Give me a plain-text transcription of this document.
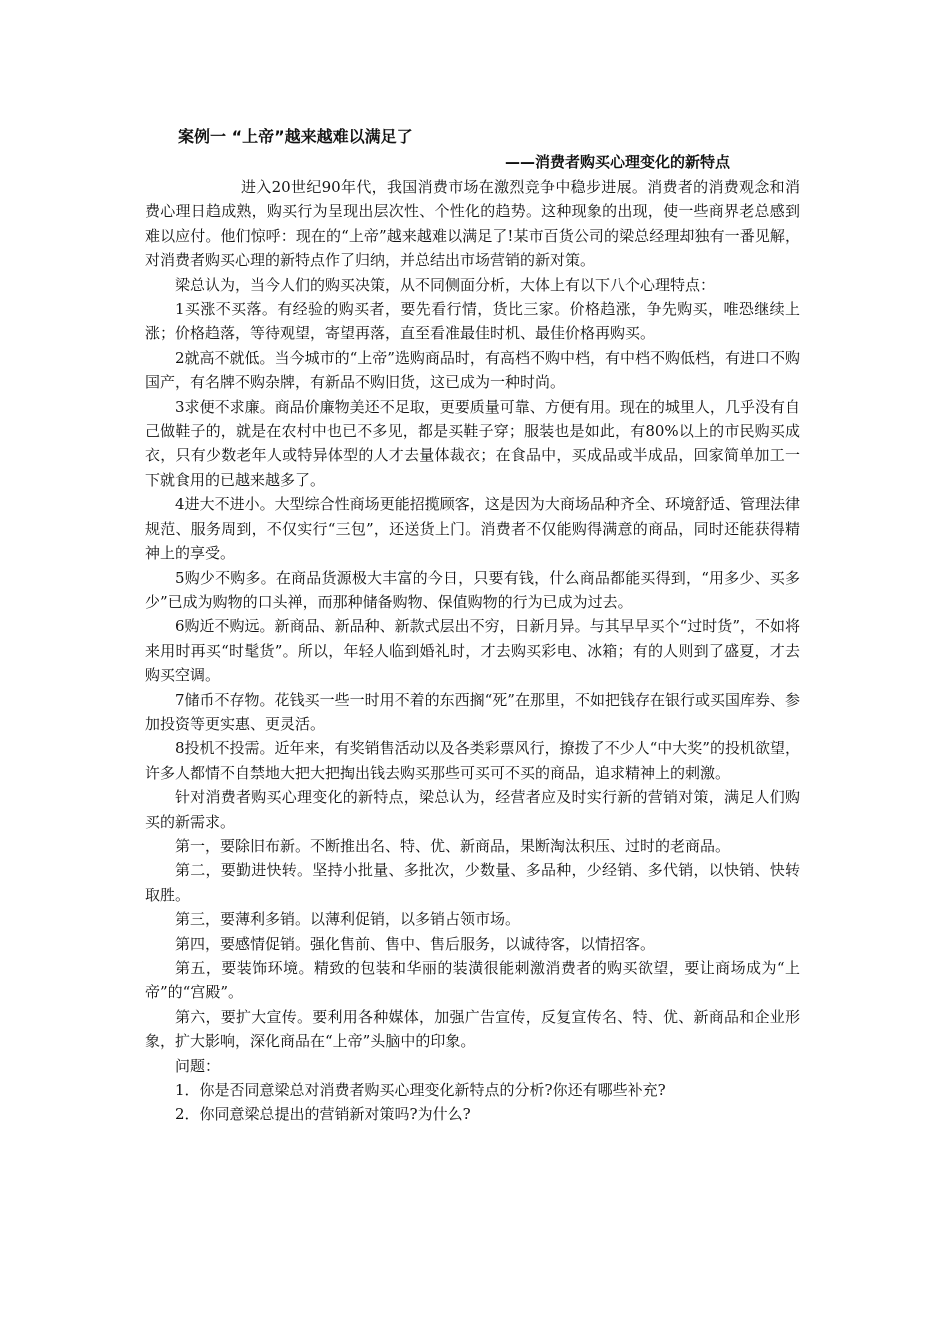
案例一 “上帝”越来越难以满足了
——消费者购买心理变化的新特点

进入20世纪90年代，我国消费市场在激烈竞争中稳步进展。消费者的消费观念和消费心理日趋成熟，购买行为呈现出层次性、个性化的趋势。这种现象的出现，使一些商界老总感到难以应付。他们惊呼：现在的“上帝”越来越难以满足了!某市百货公司的梁总经理却独有一番见解，对消费者购买心理的新特点作了归纳，并总结出市场营销的新对策。

梁总认为，当今人们的购买决策，从不同侧面分析，大体上有以下八个心理特点：

1买涨不买落。有经验的购买者，要先看行情，货比三家。价格趋涨，争先购买，唯恐继续上涨；价格趋落，等待观望，寄望再落，直至看准最佳时机、最佳价格再购买。

2就高不就低。当今城市的“上帝”选购商品时，有高档不购中档，有中档不购低档，有进口不购国产，有名牌不购杂牌，有新品不购旧货，这已成为一种时尚。

3求便不求廉。商品价廉物美还不足取，更要质量可靠、方便有用。现在的城里人，几乎没有自己做鞋子的，就是在农村中也已不多见，都是买鞋子穿；服装也是如此，有80%以上的市民购买成衣，只有少数老年人或特异体型的人才去量体裁衣；在食品中，买成品或半成品，回家简单加工一下就食用的已越来越多了。

4进大不进小。大型综合性商场更能招揽顾客，这是因为大商场品种齐全、环境舒适、管理法律规范、服务周到，不仅实行“三包”，还送货上门。消费者不仅能购得满意的商品，同时还能获得精神上的享受。

5购少不购多。在商品货源极大丰富的今日，只要有钱，什么商品都能买得到，“用多少、买多少”已成为购物的口头禅，而那种储备购物、保值购物的行为已成为过去。

6购近不购远。新商品、新品种、新款式层出不穷，日新月异。与其早早买个“过时货”，不如将来用时再买“时髦货”。所以，年轻人临到婚礼时，才去购买彩电、冰箱；有的人则到了盛夏，才去购买空调。

7储币不存物。花钱买一些一时用不着的东西搁“死”在那里，不如把钱存在银行或买国库券、参加投资等更实惠、更灵活。

8投机不投需。近年来，有奖销售活动以及各类彩票风行，撩拨了不少人“中大奖”的投机欲望，许多人都情不自禁地大把大把掏出钱去购买那些可买可不买的商品，追求精神上的刺激。

针对消费者购买心理变化的新特点，梁总认为，经营者应及时实行新的营销对策，满足人们购买的新需求。

第一，要除旧布新。不断推出名、特、优、新商品，果断淘汰积压、过时的老商品。

第二，要勤进快转。坚持小批量、多批次，少数量、多品种，少经销、多代销，以快销、快转取胜。

第三，要薄利多销。以薄利促销，以多销占领市场。

第四，要感情促销。强化售前、售中、售后服务，以诚待客，以情招客。

第五，要装饰环境。精致的包装和华丽的装潢很能刺激消费者的购买欲望，要让商场成为“上帝”的“宫殿”。

第六，要扩大宣传。要利用各种媒体，加强广告宣传，反复宣传名、特、优、新商品和企业形象，扩大影响，深化商品在“上帝”头脑中的印象。

问题：

1．你是否同意梁总对消费者购买心理变化新特点的分析?你还有哪些补充?

2．你同意梁总提出的营销新对策吗?为什么?
